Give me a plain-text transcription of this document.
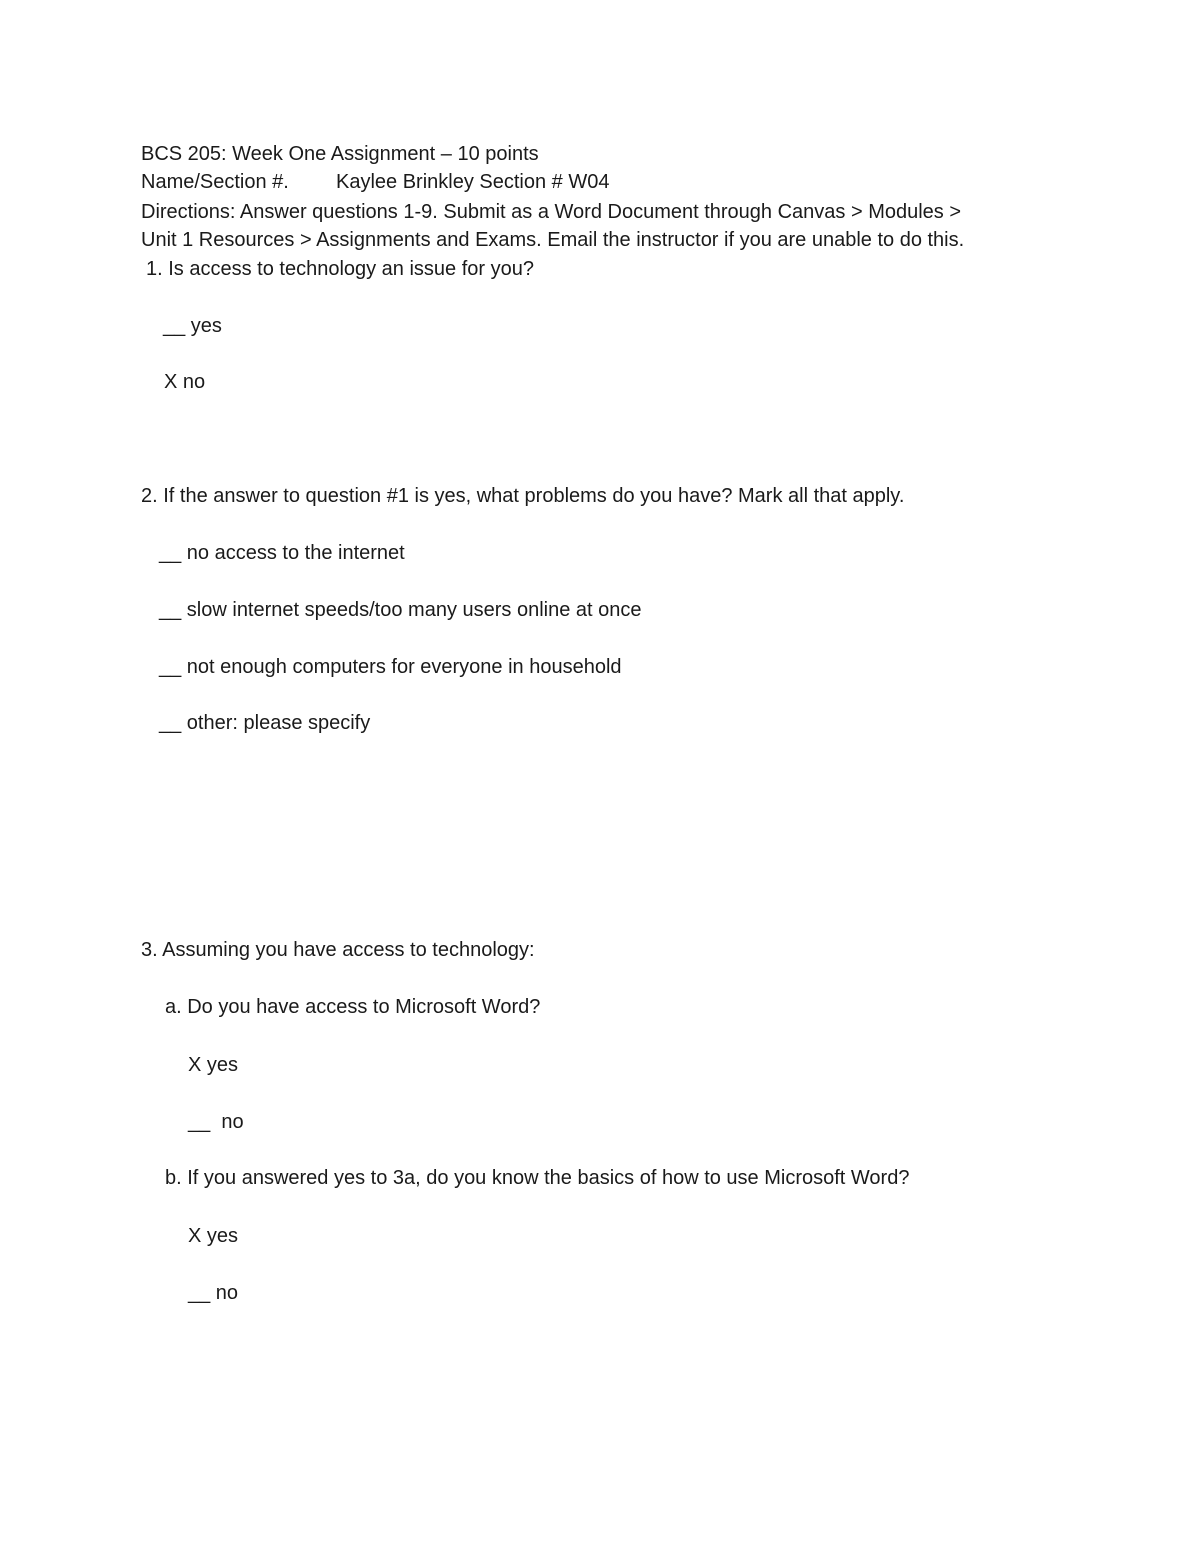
BCS 205: Week One Assignment – 10 points

Name/Section #. Kaylee Brinkley Section # W04

Directions: Answer questions 1-9. Submit as a Word Document through Canvas > Modules >

Unit 1 Resources > Assignments and Exams. Email the instructor if you are unable to do this.

1. Is access to technology an issue for you?

__ yes

X no

2. If the answer to question #1 is yes, what problems do you have? Mark all that apply.

__ no access to the internet

__ slow internet speeds/too many users online at once

__ not enough computers for everyone in household

__ other: please specify

3. Assuming you have access to technology:

a. Do you have access to Microsoft Word?

X yes

__  no

b. If you answered yes to 3a, do you know the basics of how to use Microsoft Word?

X yes

__ no
